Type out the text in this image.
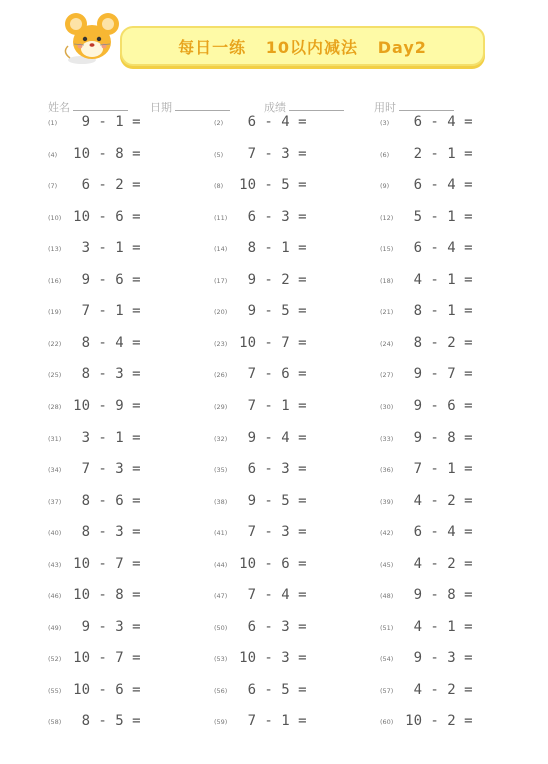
每日一练   10以内减法   Day2
姓名	日期	成绩	用时
(1)	9 - 1 =	(2)	6 - 4 =	(3)	6 - 4 =
(4) 10 - 8 =	(5)	7 - 3 =	(6)	2 - 1 =
(7)	6 - 2 =	(8) 10 - 5 =	(9)	6 - 4 =
(10) 10 - 6 =	(11)	6 - 3 =	(12)	5 - 1 =
(13)	3 - 1 =	(14)	8 - 1 =	(15)	6 - 4 =
(16)	9 - 6 =	(17)	9 - 2 =	(18)	4 - 1 =
(19)	7 - 1 =	(20)	9 - 5 =	(21)	8 - 1 =
(22)	8 - 4 =	(23) 10 - 7 =	(24)	8 - 2 =
(25)	8 - 3 =	(26)	7 - 6 =	(27)	9 - 7 =
(28) 10 - 9 =	(29)	7 - 1 =	(30)	9 - 6 =
(31)	3 - 1 =	(32)	9 - 4 =	(33)	9 - 8 =
(34)	7 - 3 =	(35)	6 - 3 =	(36)	7 - 1 =
(37)	8 - 6 =	(38)	9 - 5 =	(39)	4 - 2 =
(40)	8 - 3 =	(41)	7 - 3 =	(42)	6 - 4 =
(43) 10 - 7 =	(44) 10 - 6 =	(45)	4 - 2 =
(46) 10 - 8 =	(47)	7 - 4 =	(48)	9 - 8 =
(49)	9 - 3 =	(50)	6 - 3 =	(51)	4 - 1 =
(52) 10 - 7 =	(53) 10 - 3 =	(54)	9 - 3 =
(55) 10 - 6 =	(56)	6 - 5 =	(57)	4 - 2 =
(58)	8 - 5 =	(59)	7 - 1 =	(60) 10 - 2 =
